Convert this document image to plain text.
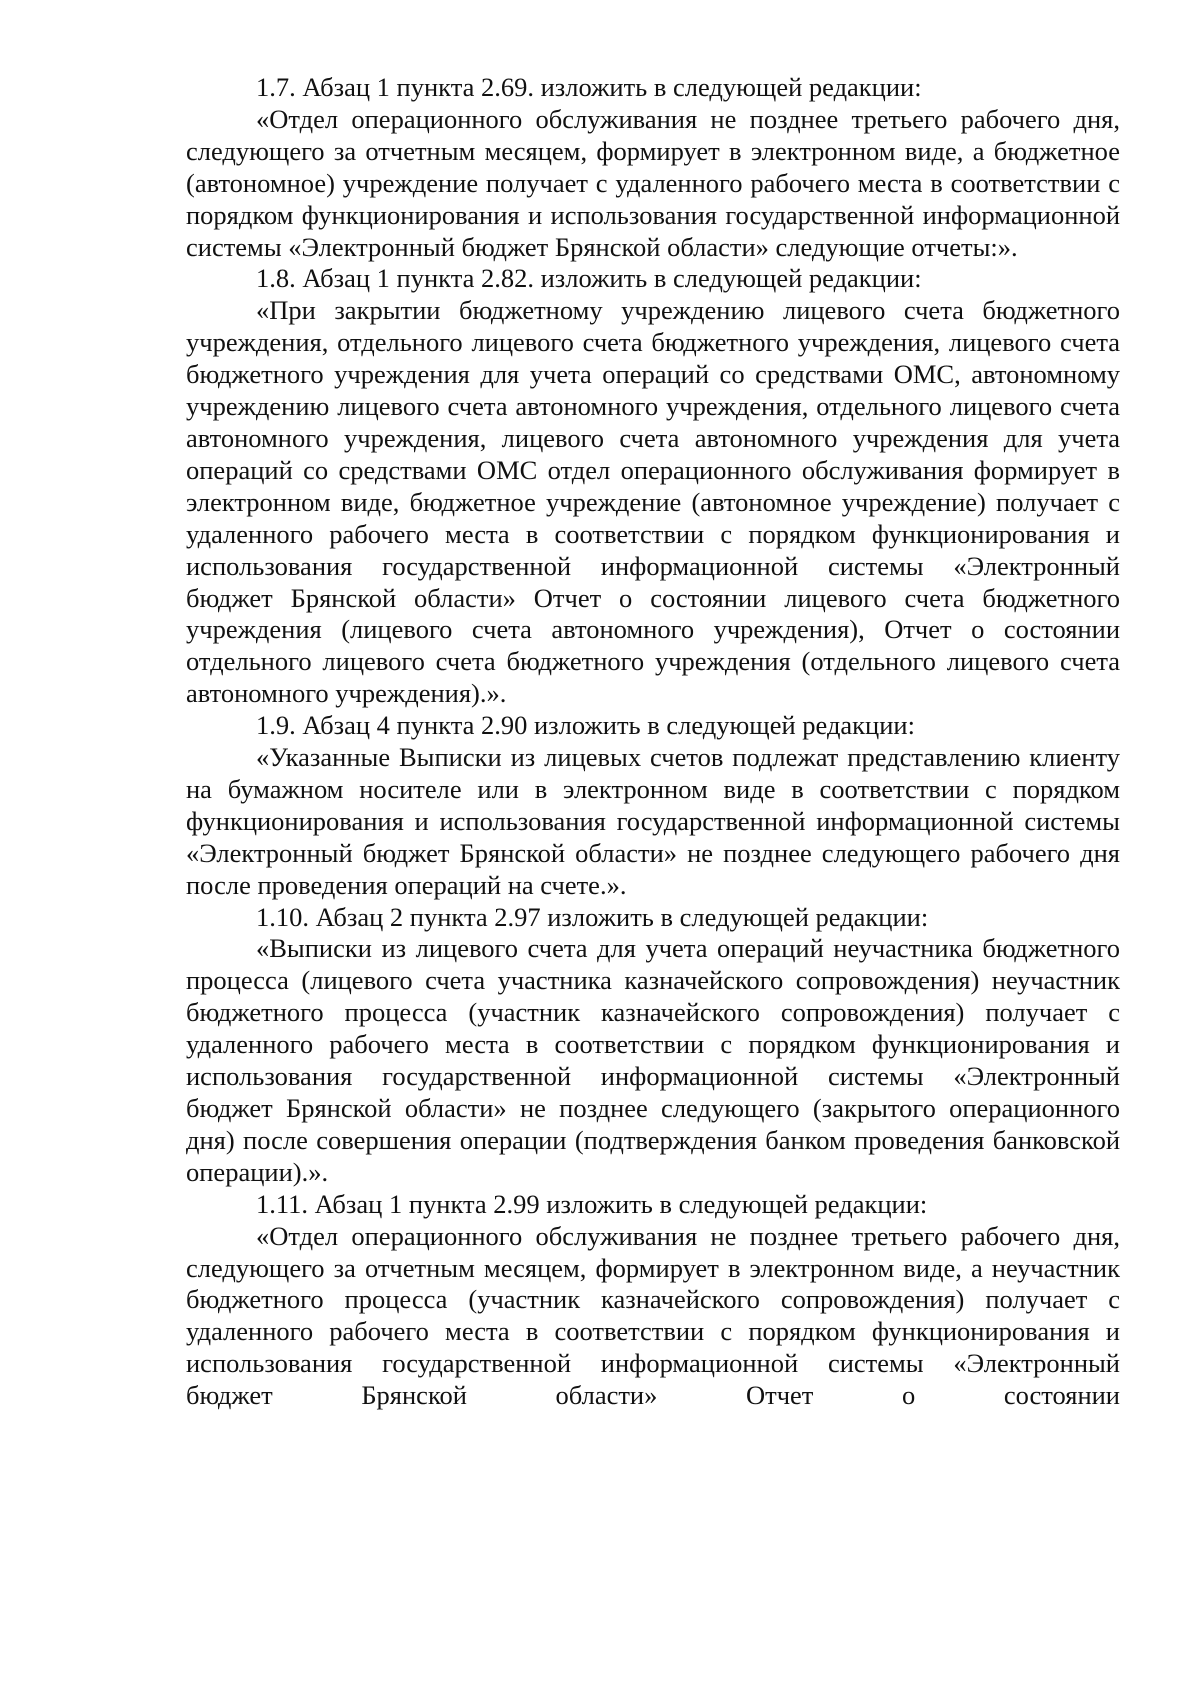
1.7. Абзац 1 пункта 2.69. изложить в следующей редакции:

«Отдел операционного обслуживания не позднее третьего рабочего дня, следующего за отчетным месяцем, формирует в электронном виде, а бюджетное (автономное) учреждение получает с удаленного рабочего места в соответствии с порядком функционирования и использования государственной информационной системы «Электронный бюджет Брянской области» следующие отчеты:».

1.8. Абзац 1 пункта 2.82. изложить в следующей редакции:

«При закрытии бюджетному учреждению лицевого счета бюджетного учреждения, отдельного лицевого счета бюджетного учреждения, лицевого счета бюджетного учреждения для учета операций со средствами ОМС, автономному учреждению лицевого счета автономного учреждения, отдельного лицевого счета автономного учреждения, лицевого счета автономного учреждения для учета операций со средствами ОМС отдел операционного обслуживания формирует в электронном виде, бюджетное учреждение (автономное учреждение) получает с удаленного рабочего места в соответствии с порядком функционирования и использования государственной информационной системы «Электронный бюджет Брянской области» Отчет о состоянии лицевого счета бюджетного учреждения (лицевого счета автономного учреждения), Отчет о состоянии отдельного лицевого счета бюджетного учреждения (отдельного лицевого счета автономного учреждения).».

1.9. Абзац 4 пункта 2.90 изложить в следующей редакции:

«Указанные Выписки из лицевых счетов подлежат представлению клиенту на бумажном носителе или в электронном виде в соответствии с порядком функционирования и использования государственной информационной системы «Электронный бюджет Брянской области» не позднее следующего рабочего дня после проведения операций на счете.».

1.10. Абзац 2 пункта 2.97 изложить в следующей редакции:

«Выписки из лицевого счета для учета операций неучастника бюджетного процесса (лицевого счета участника казначейского сопровождения) неучастник бюджетного процесса (участник казначейского сопровождения) получает с удаленного рабочего места в соответствии с порядком функционирования и использования государственной информационной системы «Электронный бюджет Брянской области» не позднее следующего (закрытого операционного дня) после совершения операции (подтверждения банком проведения банковской операции).».

1.11. Абзац 1 пункта 2.99 изложить в следующей редакции:

«Отдел операционного обслуживания не позднее третьего рабочего дня, следующего за отчетным месяцем, формирует в электронном виде, а неучастник бюджетного процесса (участник казначейского сопровождения) получает с удаленного рабочего места в соответствии с порядком функционирования и использования государственной информационной системы «Электронный бюджет Брянской области» Отчет о состоянии
